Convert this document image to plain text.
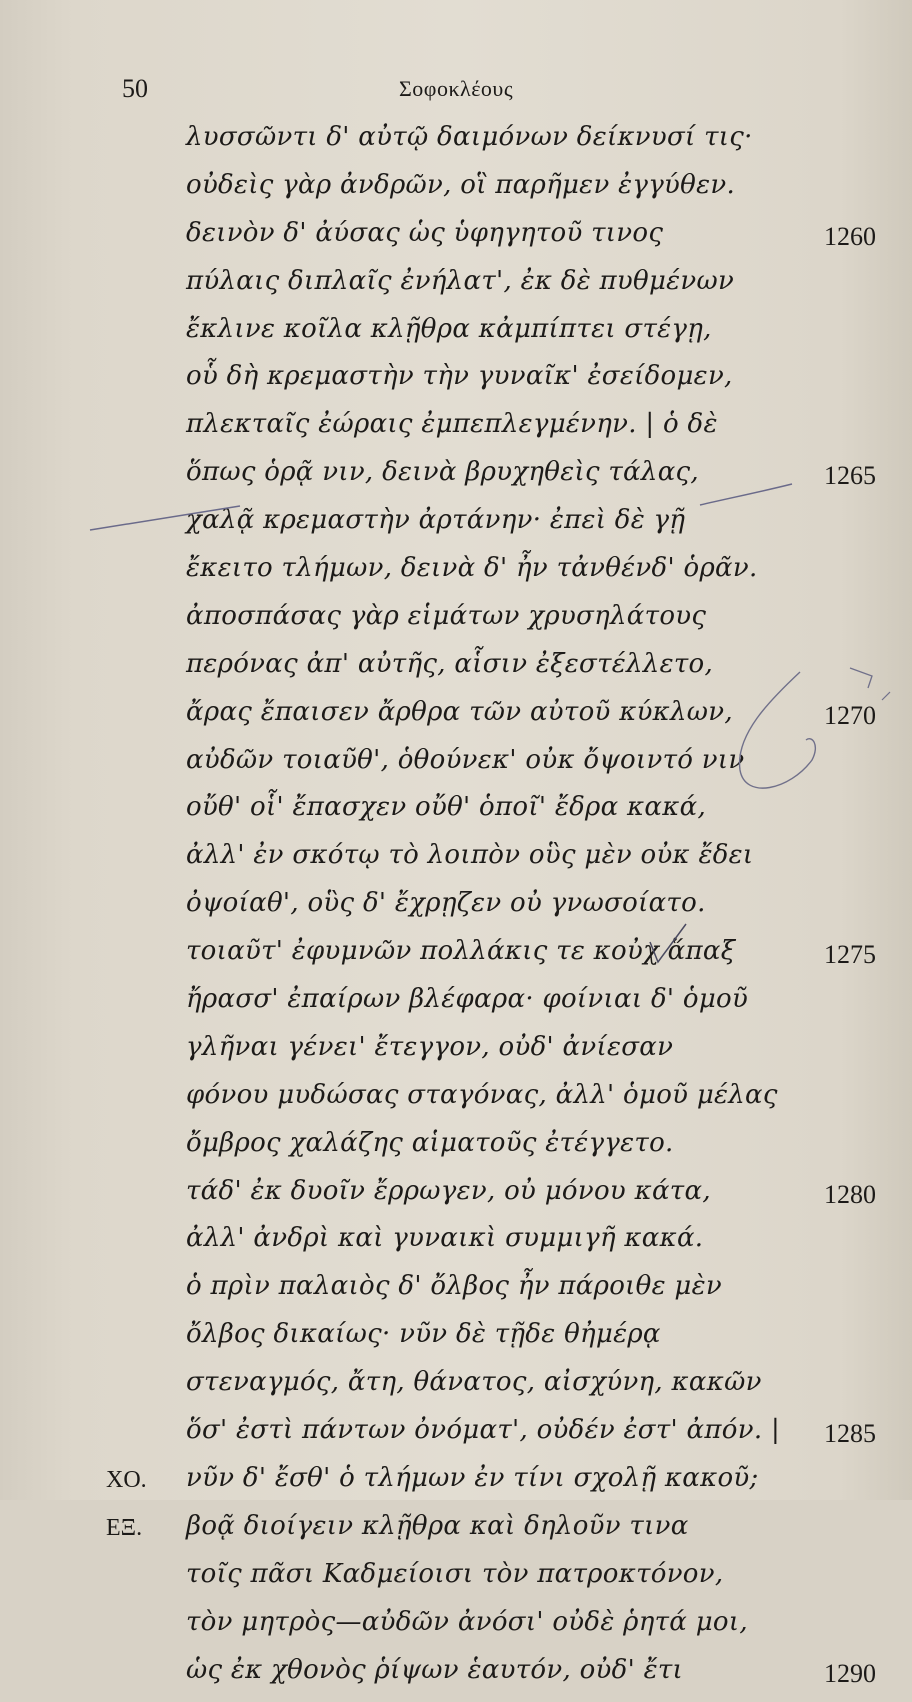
50	Σοφοκλέους
λυσσῶντι δ' αὐτῷ δαιμόνων δείκνυσί τις·
οὐδεὶς γὰρ ἀνδρῶν, οἳ παρῆμεν ἐγγύθεν.
δεινὸν δ' ἀύσας ὡς ὑφηγητοῦ τινος	1260
πύλαις διπλαῖς ἐνήλατ', ἐκ δὲ πυθμένων
ἔκλινε κοῖλα κλῇθρα κἀμπίπτει στέγῃ,
οὗ δὴ κρεμαστὴν τὴν γυναῖκ' ἐσείδομεν,
πλεκταῖς ἐώραις ἐμπεπλεγμένην. | ὁ δὲ
ὅπως ὁρᾷ νιν, δεινὰ βρυχηθεὶς τάλας,	1265
χαλᾷ κρεμαστὴν ἀρτάνην· ἐπεὶ δὲ γῇ
ἔκειτο τλήμων, δεινὰ δ' ἦν τἀνθένδ' ὁρᾶν.
ἀποσπάσας γὰρ εἱμάτων χρυσηλάτους
περόνας ἀπ' αὐτῆς, αἷσιν ἐξεστέλλετο,
ἄρας ἔπαισεν ἄρθρα τῶν αὐτοῦ κύκλων,	1270
αὐδῶν τοιαῦθ', ὁθούνεκ' οὐκ ὄψοιντό νιν
οὔθ' οἷ' ἔπασχεν οὔθ' ὁποῖ' ἔδρα κακά,
ἀλλ' ἐν σκότῳ τὸ λοιπὸν οὓς μὲν οὐκ ἔδει
ὀψοίαθ', οὓς δ' ἔχρῃζεν οὐ γνωσοίατο.
τοιαῦτ' ἐφυμνῶν πολλάκις τε κοὐχ ἅπαξ	1275
ἤρασσ' ἐπαίρων βλέφαρα· φοίνιαι δ' ὁμοῦ
γλῆναι γένει' ἔτεγγον, οὐδ' ἀνίεσαν
φόνου μυδώσας σταγόνας, ἀλλ' ὁμοῦ μέλας
ὄμβρος χαλάζης αἱματοῦς ἐτέγγετο.
τάδ' ἐκ δυοῖν ἔρρωγεν, οὐ μόνου κάτα,	1280
ἀλλ' ἀνδρὶ καὶ γυναικὶ συμμιγῆ κακά.
ὁ πρὶν παλαιὸς δ' ὄλβος ἦν πάροιθε μὲν
ὄλβος δικαίως· νῦν δὲ τῇδε θἠμέρᾳ
στεναγμός, ἄτη, θάνατος, αἰσχύνη, κακῶν
ὅσ' ἐστὶ πάντων ὀνόματ', οὐδέν ἐστ' ἀπόν. |	1285
ΧΟ. νῦν δ' ἔσθ' ὁ τλήμων ἐν τίνι σχολῇ κακοῦ;
ΕΞ. βοᾷ διοίγειν κλῇθρα καὶ δηλοῦν τινα
τοῖς πᾶσι Καδμείοισι τὸν πατροκτόνον,
τὸν μητρὸς—αὐδῶν ἀνόσι' οὐδὲ ῥητά μοι,
ὡς ἐκ χθονὸς ῥίψων ἑαυτόν, οὐδ' ἔτι	1290
